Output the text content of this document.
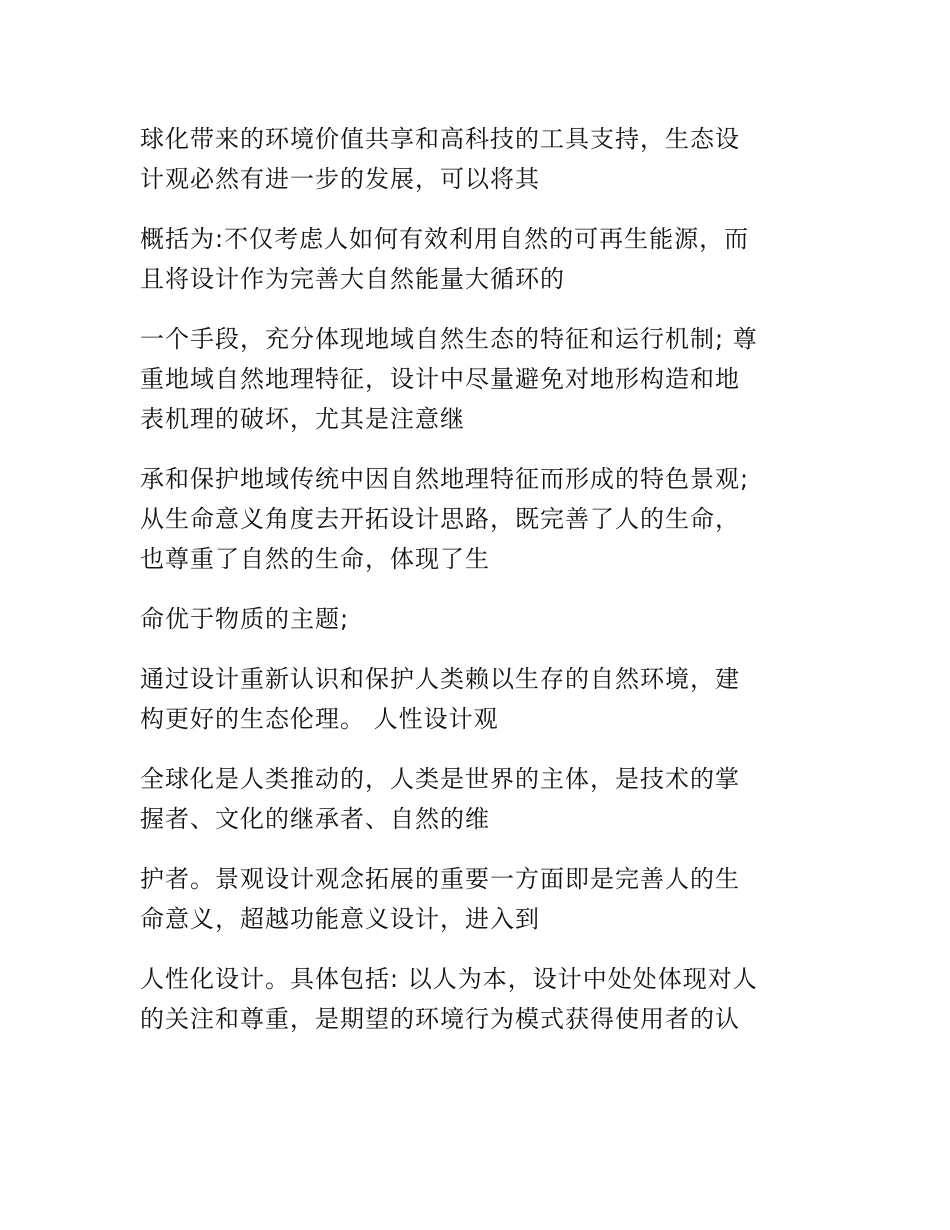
球化带来的环境价值共享和高科技的工具支持，生态设
计观必然有进一步的发展，可以将其

概括为:不仅考虑人如何有效利用自然的可再生能源，而
且将设计作为完善大自然能量大循环的

一个手段，充分体现地域自然生态的特征和运行机制; 尊
重地域自然地理特征，设计中尽量避免对地形构造和地
表机理的破坏，尤其是注意继

承和保护地域传统中因自然地理特征而形成的特色景观;
从生命意义角度去开拓设计思路，既完善了人的生命，
也尊重了自然的生命，体现了生

命优于物质的主题;

通过设计重新认识和保护人类赖以生存的自然环境，建
构更好的生态伦理。 人性设计观

全球化是人类推动的，人类是世界的主体，是技术的掌
握者、文化的继承者、自然的维

护者。景观设计观念拓展的重要一方面即是完善人的生
命意义，超越功能意义设计，进入到

人性化设计。具体包括: 以人为本，设计中处处体现对人
的关注和尊重，是期望的环境行为模式获得使用者的认
